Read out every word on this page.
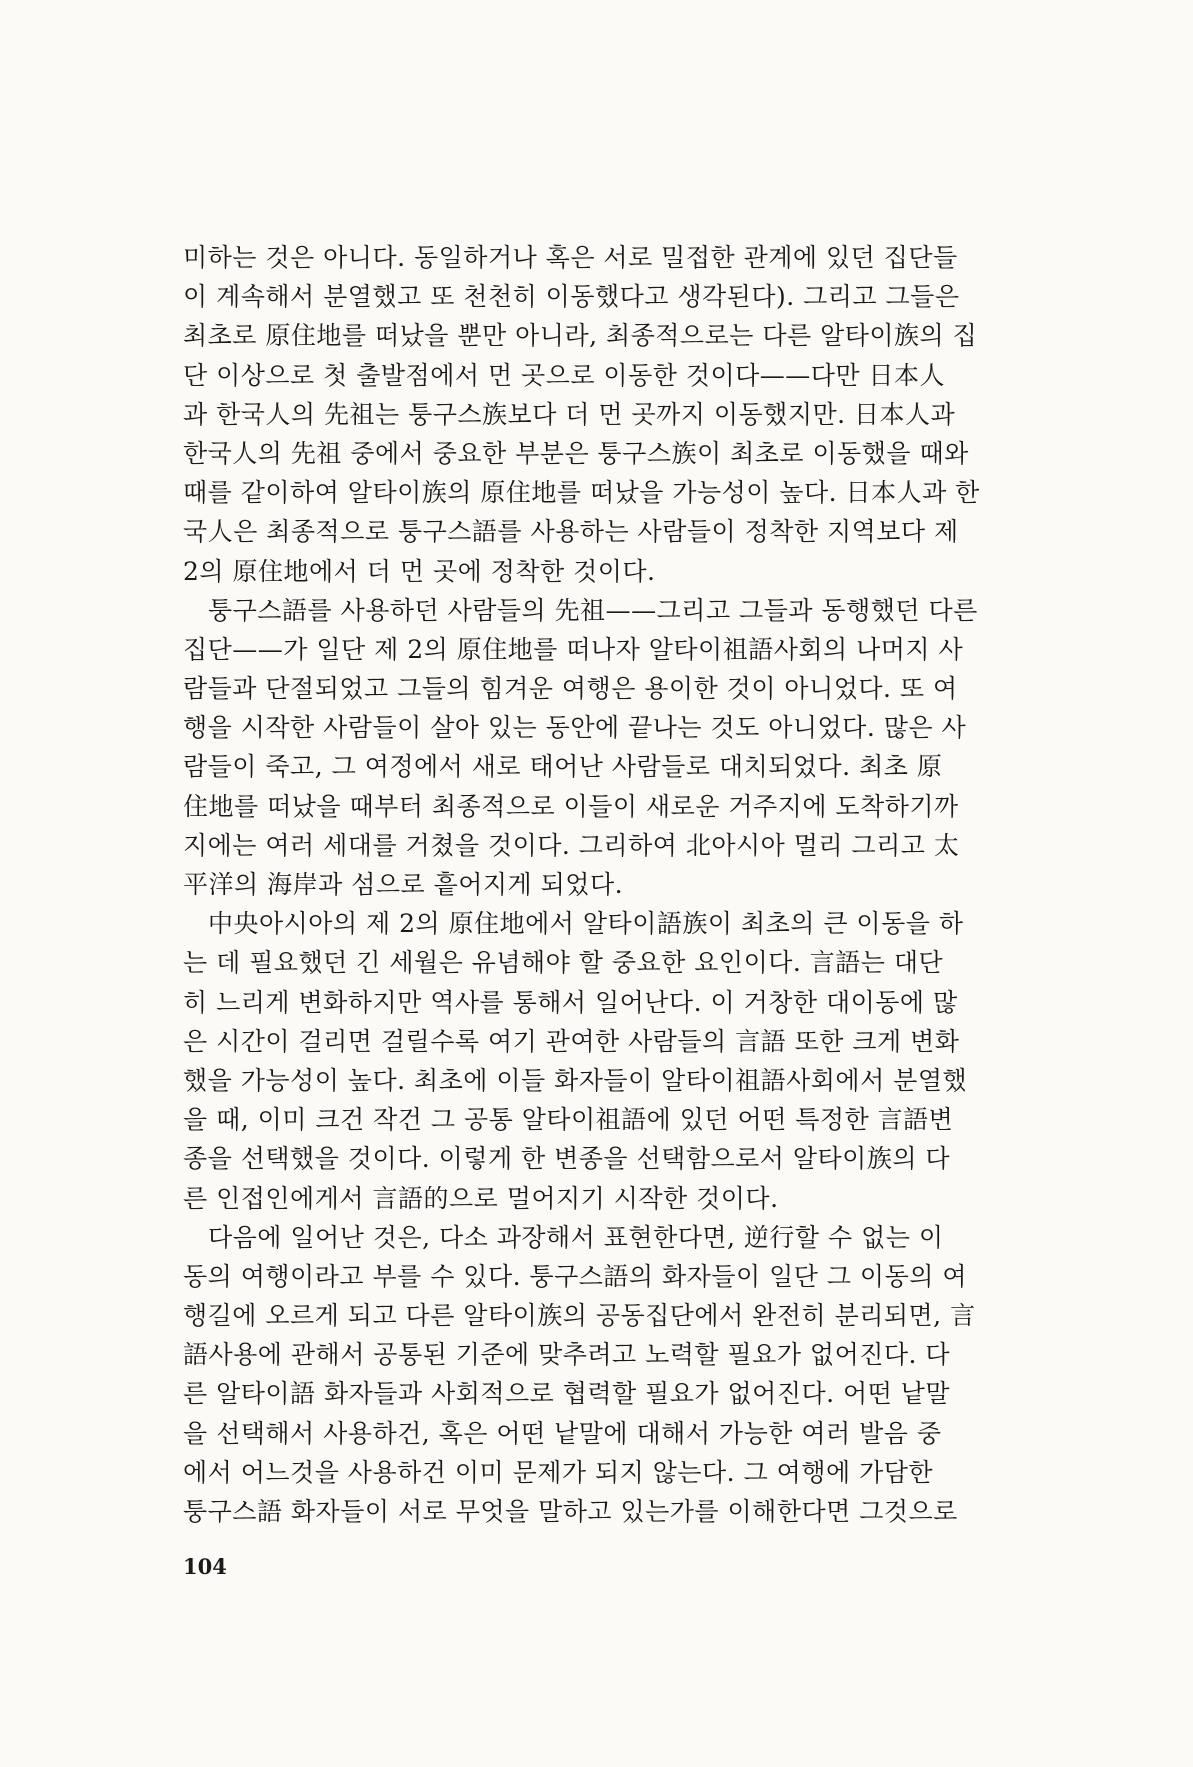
미하는 것은 아니다. 동일하거나 혹은 서로 밀접한 관계에 있던 집단들
이 계속해서 분열했고 또 천천히 이동했다고 생각된다). 그리고 그들은
최초로 原住地를 떠났을 뿐만 아니라, 최종적으로는 다른 알타이族의 집
단 이상으로 첫 출발점에서 먼 곳으로 이동한 것이다——다만 日本人
과 한국人의 先祖는 퉁구스族보다 더 먼 곳까지 이동했지만. 日本人과
한국人의 先祖 중에서 중요한 부분은 퉁구스族이 최초로 이동했을 때와
때를 같이하여 알타이族의 原住地를 떠났을 가능성이 높다. 日本人과 한
국人은 최종적으로 퉁구스語를 사용하는 사람들이 정착한 지역보다 제
2의 原住地에서 더 먼 곳에 정착한 것이다.
퉁구스語를 사용하던 사람들의 先祖——그리고 그들과 동행했던 다른
집단——가 일단 제 2의 原住地를 떠나자 알타이祖語사회의 나머지 사
람들과 단절되었고 그들의 힘겨운 여행은 용이한 것이 아니었다. 또 여
행을 시작한 사람들이 살아 있는 동안에 끝나는 것도 아니었다. 많은 사
람들이 죽고, 그 여정에서 새로 태어난 사람들로 대치되었다. 최초 原
住地를 떠났을 때부터 최종적으로 이들이 새로운 거주지에 도착하기까
지에는 여러 세대를 거쳤을 것이다. 그리하여 北아시아 멀리 그리고 太
平洋의 海岸과 섬으로 흩어지게 되었다.
中央아시아의 제 2의 原住地에서 알타이語族이 최초의 큰 이동을 하
는 데 필요했던 긴 세월은 유념해야 할 중요한 요인이다. 言語는 대단
히 느리게 변화하지만 역사를 통해서 일어난다. 이 거창한 대이동에 많
은 시간이 걸리면 걸릴수록 여기 관여한 사람들의 言語 또한 크게 변화
했을 가능성이 높다. 최초에 이들 화자들이 알타이祖語사회에서 분열했
을 때, 이미 크건 작건 그 공통 알타이祖語에 있던 어떤 특정한 言語변
종을 선택했을 것이다. 이렇게 한 변종을 선택함으로서 알타이族의 다
른 인접인에게서 言語的으로 멀어지기 시작한 것이다.
다음에 일어난 것은, 다소 과장해서 표현한다면, 逆行할 수 없는 이
동의 여행이라고 부를 수 있다. 퉁구스語의 화자들이 일단 그 이동의 여
행길에 오르게 되고 다른 알타이族의 공동집단에서 완전히 분리되면, 言
語사용에 관해서 공통된 기준에 맞추려고 노력할 필요가 없어진다. 다
른 알타이語 화자들과 사회적으로 협력할 필요가 없어진다. 어떤 낱말
을 선택해서 사용하건, 혹은 어떤 낱말에 대해서 가능한 여러 발음 중
에서 어느것을 사용하건 이미 문제가 되지 않는다. 그 여행에 가담한
퉁구스語 화자들이 서로 무엇을 말하고 있는가를 이해한다면 그것으로
104
